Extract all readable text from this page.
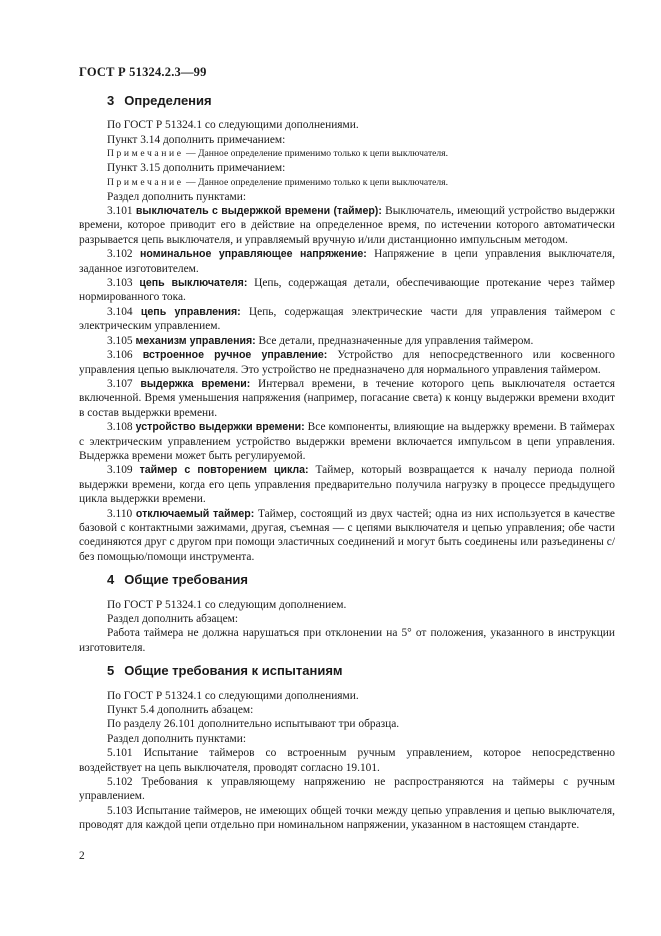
ГОСТ Р 51324.2.3—99
3 Определения

По ГОСТ Р 51324.1 со следующими дополнениями.

Пункт 3.14 дополнить примечанием:

Примечание — Данное определение применимо только к цепи выключателя.

Пункт 3.15 дополнить примечанием:

Примечание — Данное определение применимо только к цепи выключателя.

Раздел дополнить пунктами:

3.101 выключатель с выдержкой времени (таймер): Выключатель, имеющий устройство выдержки времени, которое приводит его в действие на определенное время, по истечении которого автоматически разрывается цепь выключателя, и управляемый вручную и/или дистанционно импульсным методом.

3.102 номинальное управляющее напряжение: Напряжение в цепи управления выключателя, заданное изготовителем.

3.103 цепь выключателя: Цепь, содержащая детали, обеспечивающие протекание через таймер нормированного тока.

3.104 цепь управления: Цепь, содержащая электрические части для управления таймером с электрическим управлением.

3.105 механизм управления: Все детали, предназначенные для управления таймером.

3.106 встроенное ручное управление: Устройство для непосредственного или косвенного управления цепью выключателя. Это устройство не предназначено для нормального управления таймером.

3.107 выдержка времени: Интервал времени, в течение которого цепь выключателя остается включенной. Время уменьшения напряжения (например, погасание света) к концу выдержки времени входит в состав выдержки времени.

3.108 устройство выдержки времени: Все компоненты, влияющие на выдержку времени. В таймерах с электрическим управлением устройство выдержки времени включается импульсом в цепи управления. Выдержка времени может быть регулируемой.

3.109 таймер с повторением цикла: Таймер, который возвращается к началу периода полной выдержки времени, когда его цепь управления предварительно получила нагрузку в процессе предыдущего цикла выдержки времени.

3.110 отключаемый таймер: Таймер, состоящий из двух частей; одна из них используется в качестве базовой с контактными зажимами, другая, съемная — с цепями выключателя и цепью управления; обе части соединяются друг с другом при помощи эластичных соединений и могут быть соединены или разъединены с/без помощью/помощи инструмента.

4 Общие требования

По ГОСТ Р 51324.1 со следующим дополнением.

Раздел дополнить абзацем:

Работа таймера не должна нарушаться при отклонении на 5° от положения, указанного в инструкции изготовителя.

5 Общие требования к испытаниям

По ГОСТ Р 51324.1 со следующими дополнениями.

Пункт 5.4 дополнить абзацем:

По разделу 26.101 дополнительно испытывают три образца.

Раздел дополнить пунктами:

5.101 Испытание таймеров со встроенным ручным управлением, которое непосредственно воздействует на цепь выключателя, проводят согласно 19.101.

5.102 Требования к управляющему напряжению не распространяются на таймеры с ручным управлением.

5.103 Испытание таймеров, не имеющих общей точки между цепью управления и цепью выключателя, проводят для каждой цепи отдельно при номинальном напряжении, указанном в настоящем стандарте.

2
